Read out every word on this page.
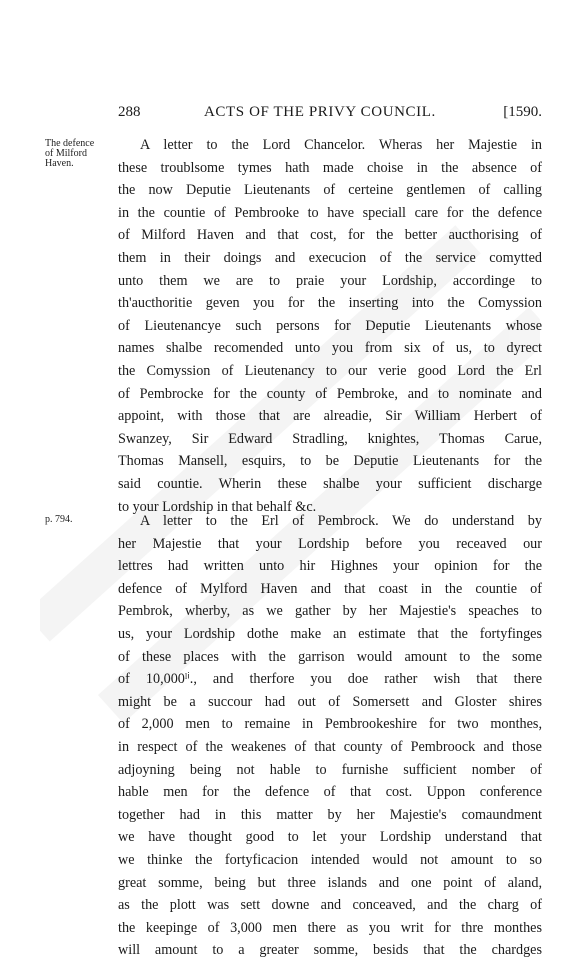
288	ACTS OF THE PRIVY COUNCIL.	[1590.
The defence
of Milford
Haven.
p. 794.
A letter to the Lord Chancelor. Wheras her Majestie in
these troublsome tymes hath made choise in the absence of
the now Deputie Lieutenants of certeine gentlemen of calling
in the countie of Pembrooke to have speciall care for the defence
of Milford Haven and that cost, for the better aucthorising of
them in their doings and execucion of the service comytted
unto them we are to praie your Lordship, accordinge to
th'aucthoritie geven you for the inserting into the Comyssion
of Lieutenancye such persons for Deputie Lieutenants whose
names shalbe recomended unto you from six of us, to dyrect
the Comyssion of Lieutenancy to our verie good Lord the Erl
of Pembrocke for the county of Pembroke, and to nominate and
appoint, with those that are alreadie, Sir William Herbert of
Swanzey, Sir Edward Stradling, knightes, Thomas Carue,
Thomas Mansell, esquirs, to be Deputie Lieutenants for the
said countie. Wherin these shalbe your sufficient discharge
to your Lordship in that behalf &c.
A letter to the Erl of Pembrock. We do understand by
her Majestie that your Lordship before you receaved our
lettres had written unto hir Highnes your opinion for the
defence of Mylford Haven and that coast in the countie of
Pembrok, wherby, as we gather by her Majestie's speaches to
us, your Lordship dothe make an estimate that the fortyfinges
of these places with the garrison would amount to the some
of 10,000ˡⁱ., and therfore you doe rather wish that there
might be a succour had out of Somersett and Gloster shires
of 2,000 men to remaine in Pembrookeshire for two monthes,
in respect of the weakenes of that county of Pembroock and those
adjoyning being not hable to furnishe sufficient nomber of
hable men for the defence of that cost. Uppon conference
together had in this matter by her Majestie's comaundment
we have thought good to let your Lordship understand that
we thinke the fortyficacion intended would not amount to so
great somme, being but three islands and one point of aland,
as the plott was sett downe and conceaved, and the charg of
the keepinge of 3,000 men there as you writ for thre monthes
will amount to a greater somme, besids that the chardges
